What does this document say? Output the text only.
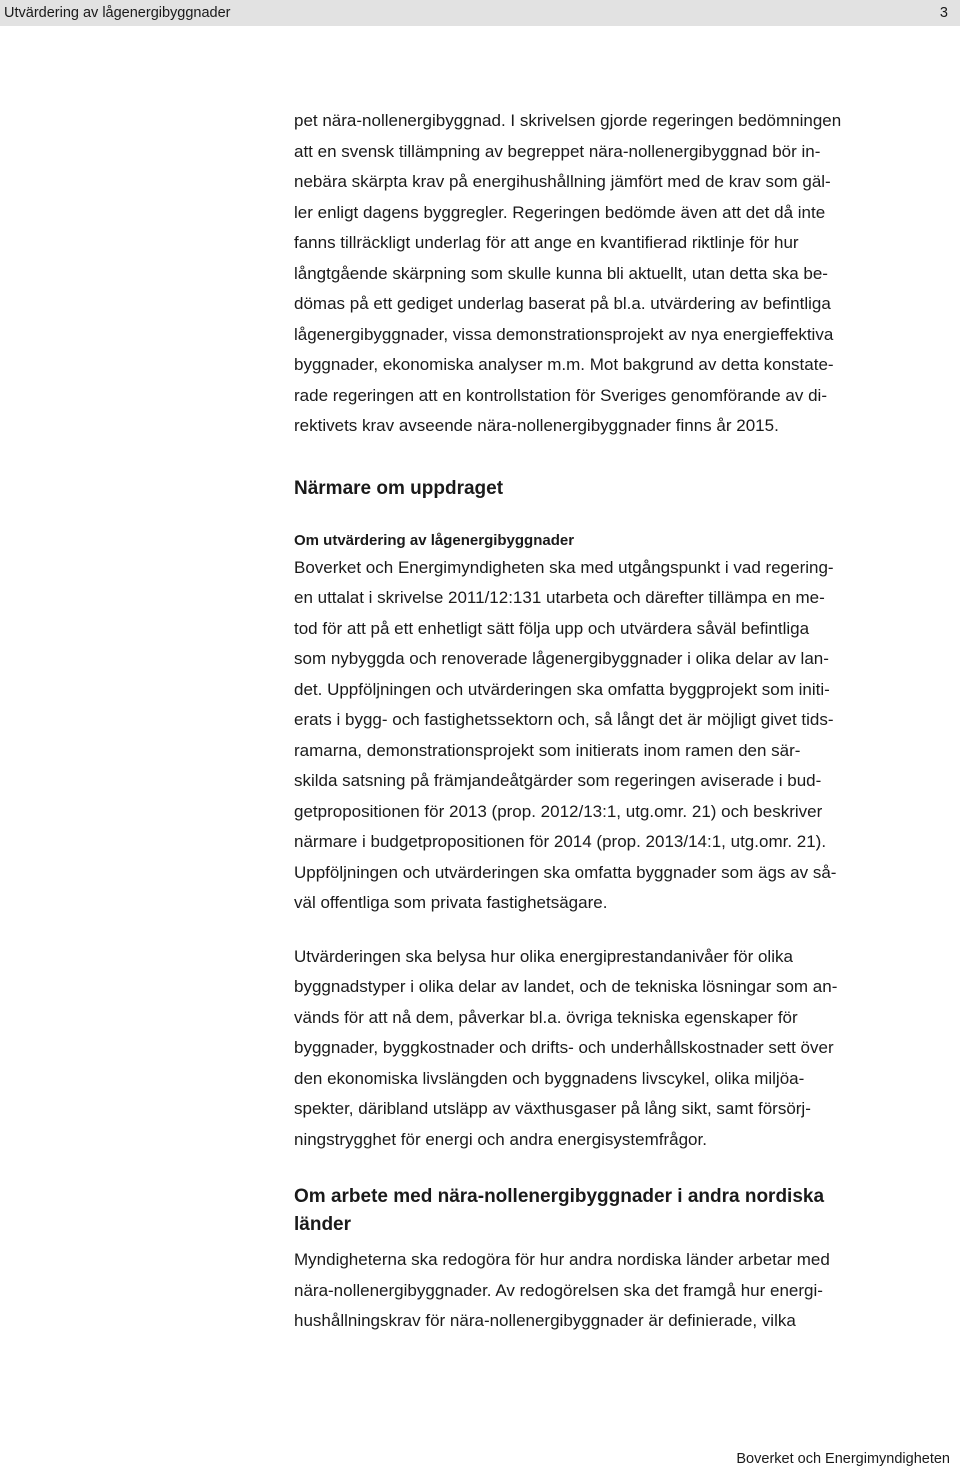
Utvärdering av lågenergibyggnader	3
pet nära-nollenergibyggnad. I skrivelsen gjorde regeringen bedömningen
att en svensk tillämpning av begreppet nära-nollenergibyggnad bör in-
nebära skärpta krav på energihushållning jämfört med de krav som gäl-
ler enligt dagens byggregler. Regeringen bedömde även att det då inte
fanns tillräckligt underlag för att ange en kvantifierad riktlinje för hur
långtgående skärpning som skulle kunna bli aktuellt, utan detta ska be-
dömas på ett gediget underlag baserat på bl.a. utvärdering av befintliga
lågenergibyggnader, vissa demonstrationsprojekt av nya energieffektiva
byggnader, ekonomiska analyser m.m. Mot bakgrund av detta konstate-
rade regeringen att en kontrollstation för Sveriges genomförande av di-
rektivets krav avseende nära-nollenergibyggnader finns år 2015.
Närmare om uppdraget
Om utvärdering av lågenergibyggnader
Boverket och Energimyndigheten ska med utgångspunkt i vad regering-
en uttalat i skrivelse 2011/12:131 utarbeta och därefter tillämpa en me-
tod för att på ett enhetligt sätt följa upp och utvärdera såväl befintliga
som nybyggda och renoverade lågenergibyggnader i olika delar av lan-
det. Uppföljningen och utvärderingen ska omfatta byggprojekt som initi-
erats i bygg- och fastighetssektorn och, så långt det är möjligt givet tids-
ramarna, demonstrationsprojekt som initierats inom ramen den sär-
skilda satsning på främjandeåtgärder som regeringen aviserade i bud-
getpropositionen för 2013 (prop. 2012/13:1, utg.omr. 21) och beskriver
närmare i budgetpropositionen för 2014 (prop. 2013/14:1, utg.omr. 21).
Uppföljningen och utvärderingen ska omfatta byggnader som ägs av så-
väl offentliga som privata fastighetsägare.
Utvärderingen ska belysa hur olika energiprestandanivåer för olika
byggnadstyper i olika delar av landet, och de tekniska lösningar som an-
vänds för att nå dem, påverkar bl.a. övriga tekniska egenskaper för
byggnader, byggkostnader och drifts- och underhållskostnader sett över
den ekonomiska livslängden och byggnadens livscykel, olika miljöa-
spekter, däribland utsläpp av växthusgaser på lång sikt, samt försörj-
ningstrygghet för energi och andra energisystemfrågor.
Om arbete med nära-nollenergibyggnader i andra nordiska
länder
Myndigheterna ska redogöra för hur andra nordiska länder arbetar med
nära-nollenergibyggnader. Av redogörelsen ska det framgå hur energi-
hushållningskrav för nära-nollenergibyggnader är definierade, vilka
Boverket och Energimyndigheten
